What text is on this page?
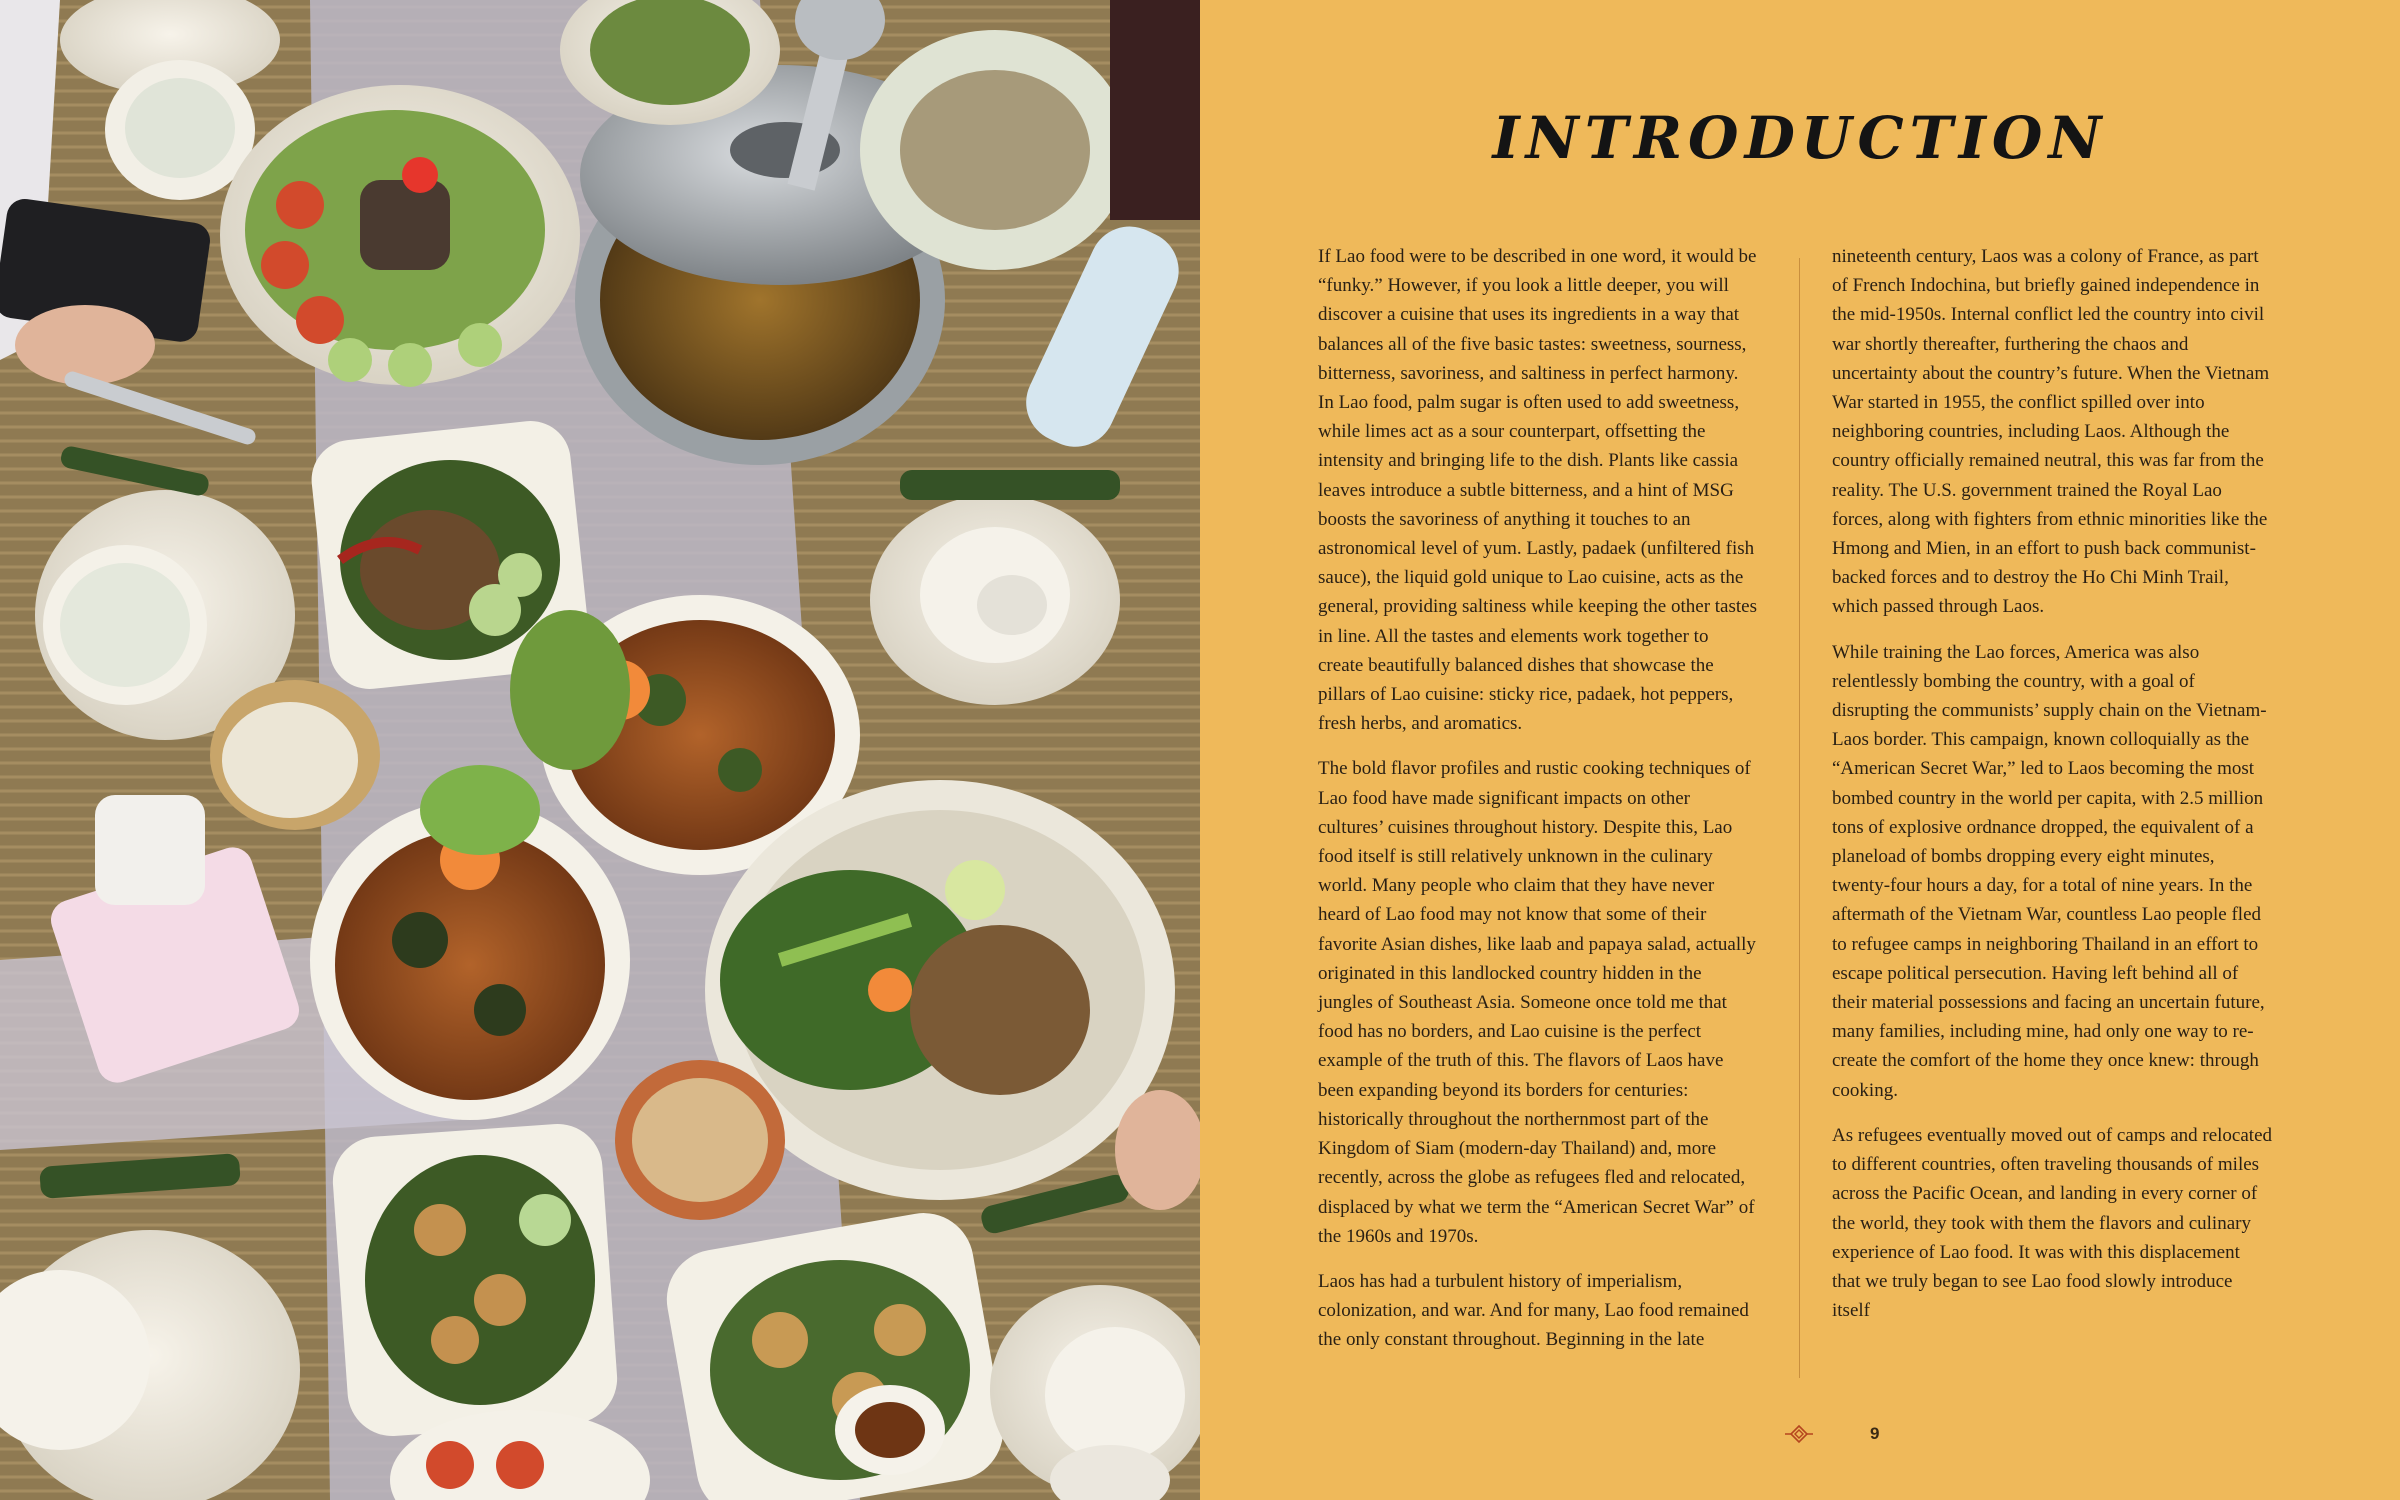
INTRODUCTION

If Lao food were to be described in one word, it would be “funky.” However, if you look a little deeper, you will discover a cuisine that uses its ingredients in a way that balances all of the five basic tastes: sweetness, sourness, bitterness, savoriness, and saltiness in perfect harmony. In Lao food, palm sugar is often used to add sweetness, while limes act as a sour counterpart, offsetting the intensity and bringing life to the dish. Plants like cassia leaves introduce a subtle bitterness, and a hint of MSG boosts the savoriness of anything it touches to an astronomical level of yum. Lastly, padaek (unfiltered fish sauce), the liquid gold unique to Lao cuisine, acts as the general, providing saltiness while keeping the other tastes in line. All the tastes and elements work together to create beautifully balanced dishes that showcase the pillars of Lao cuisine: sticky rice, padaek, hot peppers, fresh herbs, and aromatics.

The bold flavor profiles and rustic cooking techniques of Lao food have made significant impacts on other cultures’ cuisines throughout history. Despite this, Lao food itself is still relatively unknown in the culinary world. Many people who claim that they have never heard of Lao food may not know that some of their favorite Asian dishes, like laab and papaya salad, actually originated in this landlocked country hidden in the jungles of Southeast Asia. Someone once told me that food has no borders, and Lao cuisine is the perfect example of the truth of this. The flavors of Laos have been expanding beyond its borders for centuries: historically throughout the northernmost part of the Kingdom of Siam (modern-day Thailand) and, more recently, across the globe as refugees fled and relocated, displaced by what we term the “American Secret War” of the 1960s and 1970s.

Laos has had a turbulent history of imperialism, colonization, and war. And for many, Lao food remained the only constant throughout. Beginning in the late

nineteenth century, Laos was a colony of France, as part of French Indochina, but briefly gained independence in the mid-1950s. Internal conflict led the country into civil war shortly thereafter, furthering the chaos and uncertainty about the country’s future. When the Vietnam War started in 1955, the conflict spilled over into neighboring countries, including Laos. Although the country officially remained neutral, this was far from the reality. The U.S. government trained the Royal Lao forces, along with fighters from ethnic minorities like the Hmong and Mien, in an effort to push back communist-backed forces and to destroy the Ho Chi Minh Trail, which passed through Laos.

While training the Lao forces, America was also relentlessly bombing the country, with a goal of disrupting the communists’ supply chain on the Vietnam-Laos border. This campaign, known colloquially as the “American Secret War,” led to Laos becoming the most bombed country in the world per capita, with 2.5 million tons of explosive ordnance dropped, the equivalent of a planeload of bombs dropping every eight minutes, twenty-four hours a day, for a total of nine years. In the aftermath of the Vietnam War, countless Lao people fled to refugee camps in neighboring Thailand in an effort to escape political persecution. Having left behind all of their material possessions and facing an uncertain future, many families, including mine, had only one way to re-create the comfort of the home they once knew: through cooking.

As refugees eventually moved out of camps and relocated to different countries, often traveling thousands of miles across the Pacific Ocean, and landing in every corner of the world, they took with them the flavors and culinary experience of Lao food. It was with this displacement that we truly began to see Lao food slowly introduce itself

9
